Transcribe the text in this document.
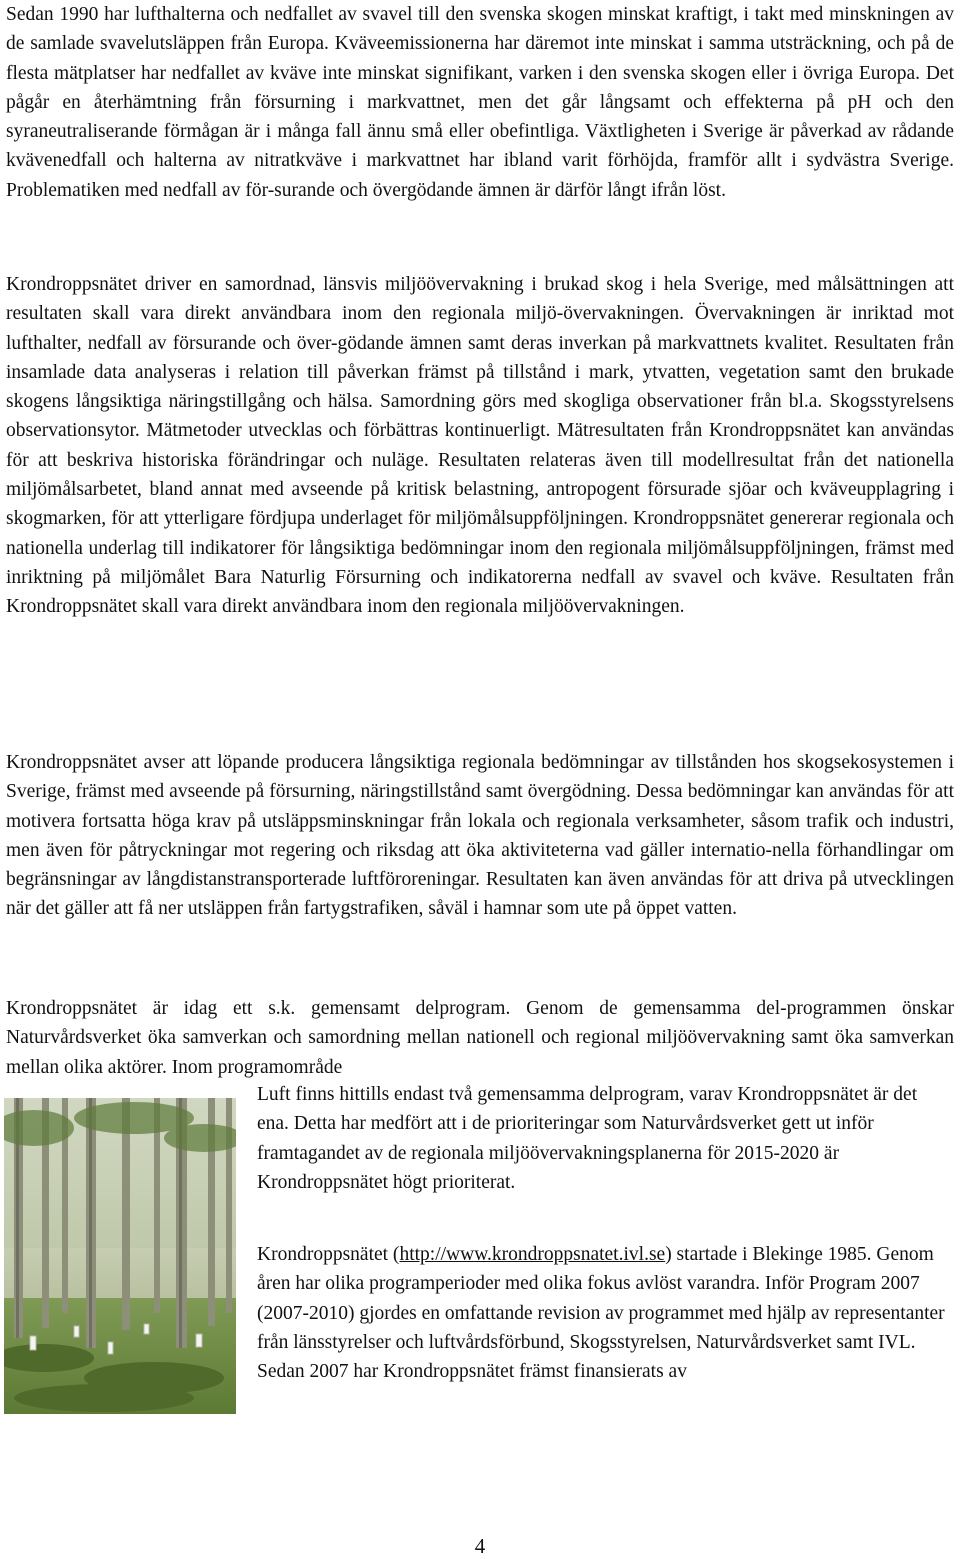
Sedan 1990 har lufthalterna och nedfallet av svavel till den svenska skogen minskat kraftigt, i takt med minskningen av de samlade svavelutsläppen från Europa. Kväveemissionerna har däremot inte minskat i samma utsträckning, och på de flesta mätplatser har nedfallet av kväve inte minskat signifikant, varken i den svenska skogen eller i övriga Europa. Det pågår en återhämtning från försurning i markvattnet, men det går långsamt och effekterna på pH och den syraneutraliserande förmågan är i många fall ännu små eller obefintliga. Växtligheten i Sverige är påverkad av rådande kvävenedfall och halterna av nitratkväve i markvattnet har ibland varit förhöjda, framför allt i sydvästra Sverige. Problematiken med nedfall av för-surande och övergödande ämnen är därför långt ifrån löst.

Krondroppsnätet driver en samordnad, länsvis miljöövervakning i brukad skog i hela Sverige, med målsättningen att resultaten skall vara direkt användbara inom den regionala miljö-övervakningen. Övervakningen är inriktad mot lufthalter, nedfall av försurande och över-gödande ämnen samt deras inverkan på markvattnets kvalitet. Resultaten från insamlade data analyseras i relation till påverkan främst på tillstånd i mark, ytvatten, vegetation samt den brukade skogens långsiktiga näringstillgång och hälsa. Samordning görs med skogliga observationer från bl.a. Skogsstyrelsens observationsytor. Mätmetoder utvecklas och förbättras kontinuerligt. Mätresultaten från Krondroppsnätet kan användas för att beskriva historiska förändringar och nuläge. Resultaten relateras även till modellresultat från det nationella miljömålsarbetet, bland annat med avseende på kritisk belastning, antropogent försurade sjöar och kväveupplagring i skogmarken, för att ytterligare fördjupa underlaget för miljömålsuppföljningen. Krondroppsnätet genererar regionala och nationella underlag till indikatorer för långsiktiga bedömningar inom den regionala miljömålsuppföljningen, främst med inriktning på miljömålet Bara Naturlig Försurning och indikatorerna nedfall av svavel och kväve. Resultaten från Krondroppsnätet skall vara direkt användbara inom den regionala miljöövervakningen.

Krondroppsnätet avser att löpande producera långsiktiga regionala bedömningar av tillstånden hos skogsekosystemen i Sverige, främst med avseende på försurning, näringstillstånd samt övergödning. Dessa bedömningar kan användas för att motivera fortsatta höga krav på utsläppsminskningar från lokala och regionala verksamheter, såsom trafik och industri, men även för påtryckningar mot regering och riksdag att öka aktiviteterna vad gäller internatio-nella förhandlingar om begränsningar av långdistanstransporterade luftföroreningar. Resultaten kan även användas för att driva på utvecklingen när det gäller att få ner utsläppen från fartygstrafiken, såväl i hamnar som ute på öppet vatten.

Krondroppsnätet är idag ett s.k. gemensamt delprogram. Genom de gemensamma del-programmen önskar Naturvårdsverket öka samverkan och samordning mellan nationell och regional miljöövervakning samt öka samverkan mellan olika aktörer. Inom programområde

Luft finns hittills endast två gemensamma delprogram, varav Krondroppsnätet är det ena. Detta har medfört att i de prioriteringar som Naturvårdsverket gett ut inför framtagandet av de regionala miljöövervakningsplanerna för 2015-2020 är Krondroppsnätet högt prioriterat.

Krondroppsnätet (http://www.krondroppsnatet.ivl.se) startade i Blekinge 1985. Genom åren har olika programperioder med olika fokus avlöst varandra. Inför Program 2007 (2007-2010) gjordes en omfattande revision av programmet med hjälp av representanter från länsstyrelser och luftvårdsförbund, Skogsstyrelsen, Naturvårdsverket samt IVL. Sedan 2007 har Krondroppsnätet främst finansierats av

4
